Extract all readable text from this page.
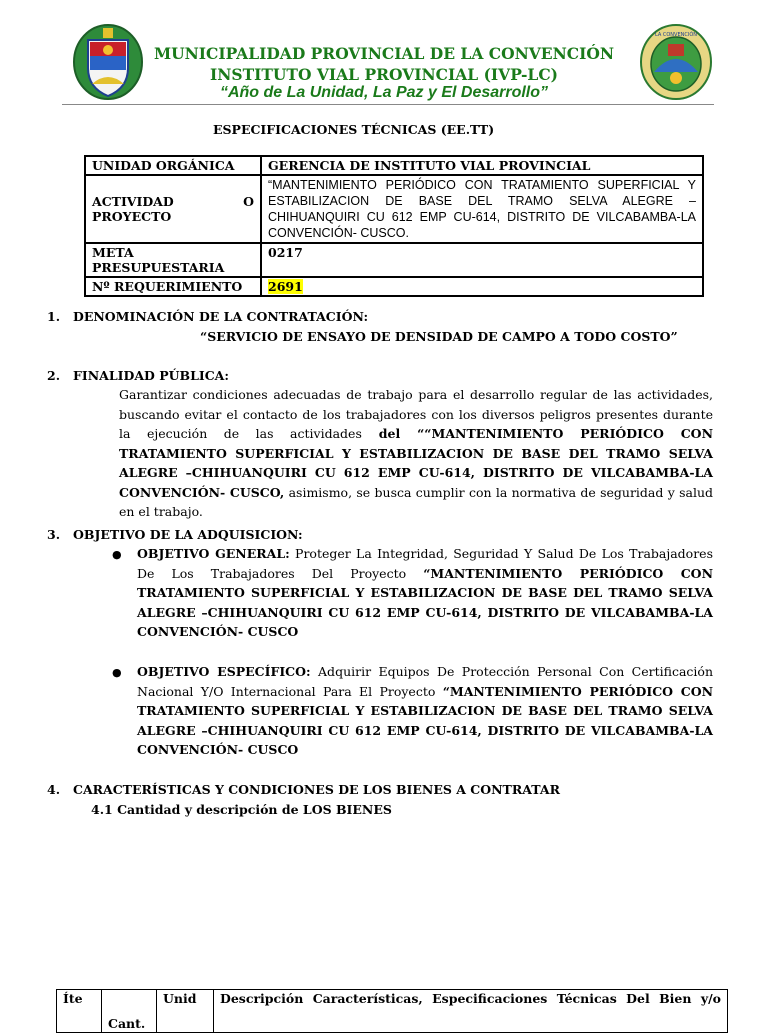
LA CONVENCIÓN
MUNICIPALIDAD PROVINCIAL DE LA CONVENCIÓN
INSTITUTO VIAL PROVINCIAL (IVP-LC)
“Año de La Unidad, La Paz y El Desarrollo”
ESPECIFICACIONES TÉCNICAS (EE.TT)
UNIDAD ORGÁNICA	GERENCIA DE INSTITUTO VIAL PROVINCIAL
ACTIVIDAD O PROYECTO	“MANTENIMIENTO PERIÓDICO CON TRATAMIENTO SUPERFICIAL Y ESTABILIZACION DE BASE DEL TRAMO SELVA ALEGRE –CHIHUANQUIRI CU 612 EMP CU-614, DISTRITO DE VILCABAMBA-LA CONVENCIÓN- CUSCO.

META PRESUPUESTARIA	0217
Nº REQUERIMIENTO	2691
1. DENOMINACIÓN DE LA CONTRATACIÓN:
“SERVICIO DE ENSAYO DE DENSIDAD DE CAMPO A TODO COSTO”
2. FINALIDAD PÚBLICA:
Garantizar condiciones adecuadas de trabajo para el desarrollo regular de las actividades, buscando evitar el contacto de los trabajadores con los diversos peligros presentes durante la ejecución de las actividades del ““MANTENIMIENTO PERIÓDICO CON TRATAMIENTO SUPERFICIAL Y ESTABILIZACION DE BASE DEL TRAMO SELVA ALEGRE –CHIHUANQUIRI CU 612 EMP CU-614, DISTRITO DE VILCABAMBA-LA CONVENCIÓN- CUSCO, asimismo, se busca cumplir con la normativa de seguridad y salud en el trabajo.
3. OBJETIVO DE LA ADQUISICION:
● OBJETIVO GENERAL: Proteger La Integridad, Seguridad Y Salud De Los Trabajadores De Los Trabajadores Del Proyecto “MANTENIMIENTO PERIÓDICO CON TRATAMIENTO SUPERFICIAL Y ESTABILIZACION DE BASE DEL TRAMO SELVA ALEGRE –CHIHUANQUIRI CU 612 EMP CU-614, DISTRITO DE VILCABAMBA-LA CONVENCIÓN- CUSCO
● OBJETIVO ESPECÍFICO: Adquirir Equipos De Protección Personal Con Certificación Nacional Y/O Internacional Para El Proyecto “MANTENIMIENTO PERIÓDICO CON TRATAMIENTO SUPERFICIAL Y ESTABILIZACION DE BASE DEL TRAMO SELVA ALEGRE –CHIHUANQUIRI CU 612 EMP CU-614, DISTRITO DE VILCABAMBA-LA CONVENCIÓN- CUSCO
4. CARACTERÍSTICAS Y CONDICIONES DE LOS BIENES A CONTRATAR
4.1 Cantidad y descripción de LOS BIENES
Íte	Cant.	Unid	Descripción Características, Especificaciones Técnicas Del Bien y/o
